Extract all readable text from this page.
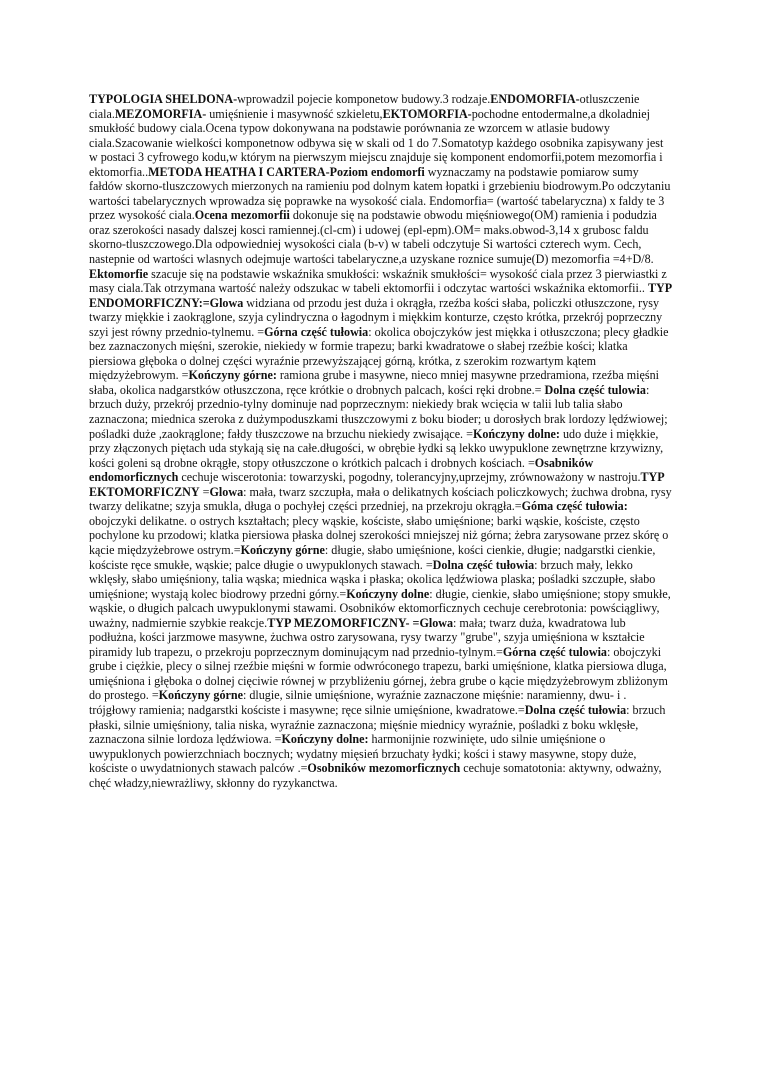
TYPOLOGIA SHELDONA-wprowadzil pojecie komponetow budowy.3 rodzaje.ENDOMORFIA-otluszczenie ciala.MEZOMORFIA- umięśnienie i masywność szkieletu,EKTOMORFIA-pochodne entodermalne,a dkoladniej smukłość budowy ciala.Ocena typow dokonywana na podstawie porównania ze wzorcem w atlasie budowy ciala.Szacowanie wielkości komponetnow odbywa się w skali od 1 do 7.Somatotyp każdego osobnika zapisywany jest w postaci 3 cyfrowego kodu,w którym na pierwszym miejscu znajduje się komponent endomorfii,potem mezomorfia i ektomorfia..METODA HEATHA I CARTERA-Poziom endomorfi wyznaczamy na podstawie pomiarow sumy fałdów skorno-tluszczowych mierzonych na ramieniu pod dolnym katem łopatki i grzebieniu biodrowym.Po odczytaniu wartości tabelarycznych wprowadza się poprawke na wysokość ciala. Endomorfia= (wartość tabelaryczna) x faldy te 3 przez wysokość ciala.Ocena mezomorfii dokonuje się na podstawie obwodu mięśniowego(OM) ramienia i podudzia oraz szerokości nasady dalszej kosci ramiennej.(cl-cm) i udowej (epl-epm).OM= maks.obwod-3,14 x grubosc faldu skorno-tluszczowego.Dla odpowiedniej wysokości ciala (b-v) w tabeli odczytuje Si wartości czterech wym. Cech, nastepnie od wartości wlasnych odejmuje wartości tabelaryczne,a uzyskane roznice sumuje(D) mezomorfia =4+D/8. Ektomorfie szacuje się na podstawie wskaźnika smukłości: wskaźnik smukłości= wysokość ciala przez 3 pierwiastki z masy ciala.Tak otrzymana wartość należy odszukac w tabeli ektomorfii i odczytac wartości wskaźnika ektomorfii.. TYP ENDOMORFICZNY:=Glowa widziana od przodu jest duża i okrągła, rzeźba kości słaba, policzki otłuszczone, rysy twarzy miękkie i zaokrąglone, szyja cylindryczna o łagodnym i miękkim konturze, często krótka, przekrój poprzeczny szyi jest równy przednio-tylnemu. =Górna część tułowia: okolica obojczyków jest miękka i otłuszczona; plecy gładkie bez zaznaczonych mięśni, szerokie, niekiedy w formie trapezu; barki kwadratowe o słabej rzeźbie kości; klatka piersiowa głęboka o dolnej części wyraźnie przewyższającej górną, krótka, z szerokim rozwartym kątem międzyżebrowym. =Kończyny górne: ramiona grube i masywne, nieco mniej masywne przedramiona, rzeźba mięśni słaba, okolica nadgarstków otłuszczona, ręce krótkie o drobnych palcach, kości ręki drobne.= Dolna część tulowia: brzuch duży, przekrój przednio-tylny dominuje nad poprzecznym: niekiedy brak wcięcia w talii lub talia słabo zaznaczona; miednica szeroka z dużympoduszkami tłuszczowymi z boku bioder; u dorosłych brak lordozy lędźwiowej; pośladki duże ,zaokrąglone; fałdy tłuszczowe na brzuchu niekiedy zwisające. =Kończyny dolne: udo duże i miękkie, przy złączonych piętach uda stykają się na całe.długości, w obrębie łydki są lekko uwypuklone zewnętrzne krzywizny, kości goleni są drobne okrągłe, stopy otłuszczone o krótkich palcach i drobnych kościach. =Osabników endomorficznych cechuje wiscerotonia: towarzyski, pogodny, tolerancyjny,uprzejmy, zrównoważony w nastroju.TYP EKTOMORFICZNY =Glowa: mała, twarz szczupła, mała o delikatnych kościach policzkowych; żuchwa drobna, rysy twarzy delikatne; szyja smukla, długa o pochyłej części przedniej, na przekroju okrągła.=Góma część tułowia: obojczyki delikatne. o ostrych kształtach; plecy wąskie, kościste, słabo umięśnione; barki wąskie, kościste, często pochylone ku przodowi; klatka piersiowa płaska dolnej szerokości mniejszej niż górna; żebra zarysowane przez skórę o kącie międzyżebrowe ostrym.=Kończyny górne: długie, słabo umięśnione, kości cienkie, długie; nadgarstki cienkie, kościste ręce smukłe, wąskie; palce długie o uwypuklonych stawach. =Dolna część tułowia: brzuch mały, lekko wklęsły, słabo umięśniony, talia wąska; miednica wąska i płaska; okolica lędźwiowa plaska; pośladki szczupłe, słabo umięśnione; wystają kolec biodrowy przedni górny.=Kończyny dolne: długie, cienkie, słabo umięśnione; stopy smukłe, wąskie, o długich palcach uwypuklonymi stawami. Osobników ektomorficznych cechuje cerebrotonia: powściągliwy, uważny, nadmiernie szybkie reakcje.TYP MEZOMORFICZNY- =Glowa: mała; twarz duża, kwadratowa lub podłużna, kości jarzmowe masywne, żuchwa ostro zarysowana, rysy twarzy "grube", szyja umięśniona w kształcie piramidy lub trapezu, o przekroju poprzecznym dominującym nad przednio-tylnym.=Górna część tulowia: obojczyki grube i ciężkie, plecy o silnej rzeźbie mięśni w formie odwróconego trapezu, barki umięśnione, klatka piersiowa dluga, umięśniona i głęboka o dolnej cięciwie równej w przybliżeniu górnej, żebra grube o kącie międzyżebrowym zbliżonym do prostego. =Kończyny górne: dlugie, silnie umięśnione, wyraźnie zaznaczone mięśnie: naramienny, dwu- i . trójgłowy ramienia; nadgarstki kościste i masywne; ręce silnie umięśnione, kwadratowe.=Dolna część tułowia: brzuch płaski, silnie umięśniony, talia niska, wyraźnie zaznaczona; mięśnie miednicy wyraźnie, pośladki z boku wklęsłe, zaznaczona silnie lordoza lędźwiowa. =Kończyny dolne: harmonijnie rozwinięte, udo silnie umięśnione o uwypuklonych powierzchniach bocznych; wydatny mięsień brzuchaty łydki; kości i stawy masywne, stopy duże, kościste o uwydatnionych stawach palców .=Osobników mezomorficznych cechuje somatotonia: aktywny, odważny, chęć władzy,niewrażliwy, skłonny do ryzykanctwa.
